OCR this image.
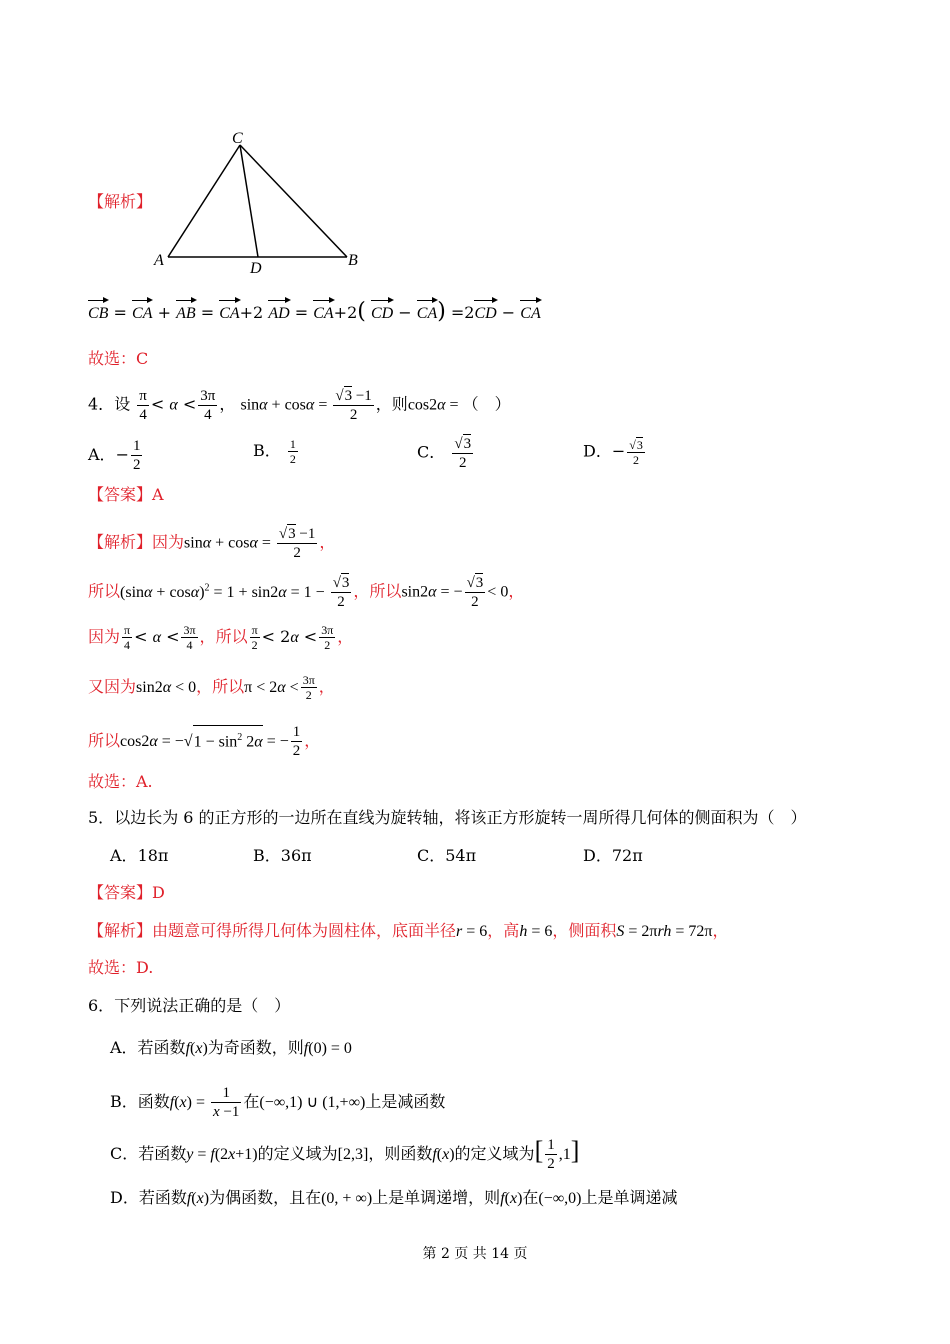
C
A	D	B
【解析】
CB = CA + AB = CA+2 AD = CA+2( CD − CA) =2CD − CA
故选：C
4．设 $\frac{\pi}{4} < \alpha < \frac{3\pi}{4}$ ， $\sin\alpha + \cos\alpha = \frac{√3 -1}{2}$ ，则cos2α = （　）
A．− $\frac{1}{2}$	B． $\frac{1}{2}$	C． $\frac{√3}{2}$	D．− $\frac{√3}{2}$
【答案】A
【解析】因为$\sin\alpha + \cos\alpha = \frac{√3 -1}{2}$ ，
所以$(\sin\alpha + \cos\alpha)^2 = 1 + \sin 2\alpha = 1 - \frac{√3}{2}$ ，所以sin2α = − $\frac{√3}{2} < 0$，
因为 $\frac{\pi}{4} < \alpha < \frac{3\pi}{4}$ ，所以 $\frac{\pi}{2} < 2\alpha < \frac{3\pi}{2}$ ，
又因为sin2α < 0，所以$\pi < 2\alpha < \frac{3\pi}{2}$ ，
所以$\cos 2\alpha = -√1 - \sin^2 2\alpha$ = − $\frac{1}{2}$ ，
故选：A.
5．以边长为 6 的正方形的一边所在直线为旋转轴，将该正方形旋转一周所得几何体的侧面积为（　）
A．18π	B．36π	C．54π	D．72π
【答案】D
【解析】由题意可得所得几何体为圆柱体，底面半径r = 6，高h = 6，侧面积S = 2πrh = 72π，
故选：D.
6．下列说法正确的是（　）
A．若函数f(x)为奇函数，则f(0) = 0
B．函数$f(x) = \frac{1}{x -1}$ 在(−∞,1) ∪ (1,+∞)上是减函数
C．若函数y = f(2x+1)的定义域为[2,3]，则函数f(x)的定义域为[ $\frac{1}{2} ,1$]
D．若函数f(x)为偶函数，且在(0, + ∞)上是单调递增，则f(x)在(−∞,0)上是单调递减
第 2 页 共 14 页
